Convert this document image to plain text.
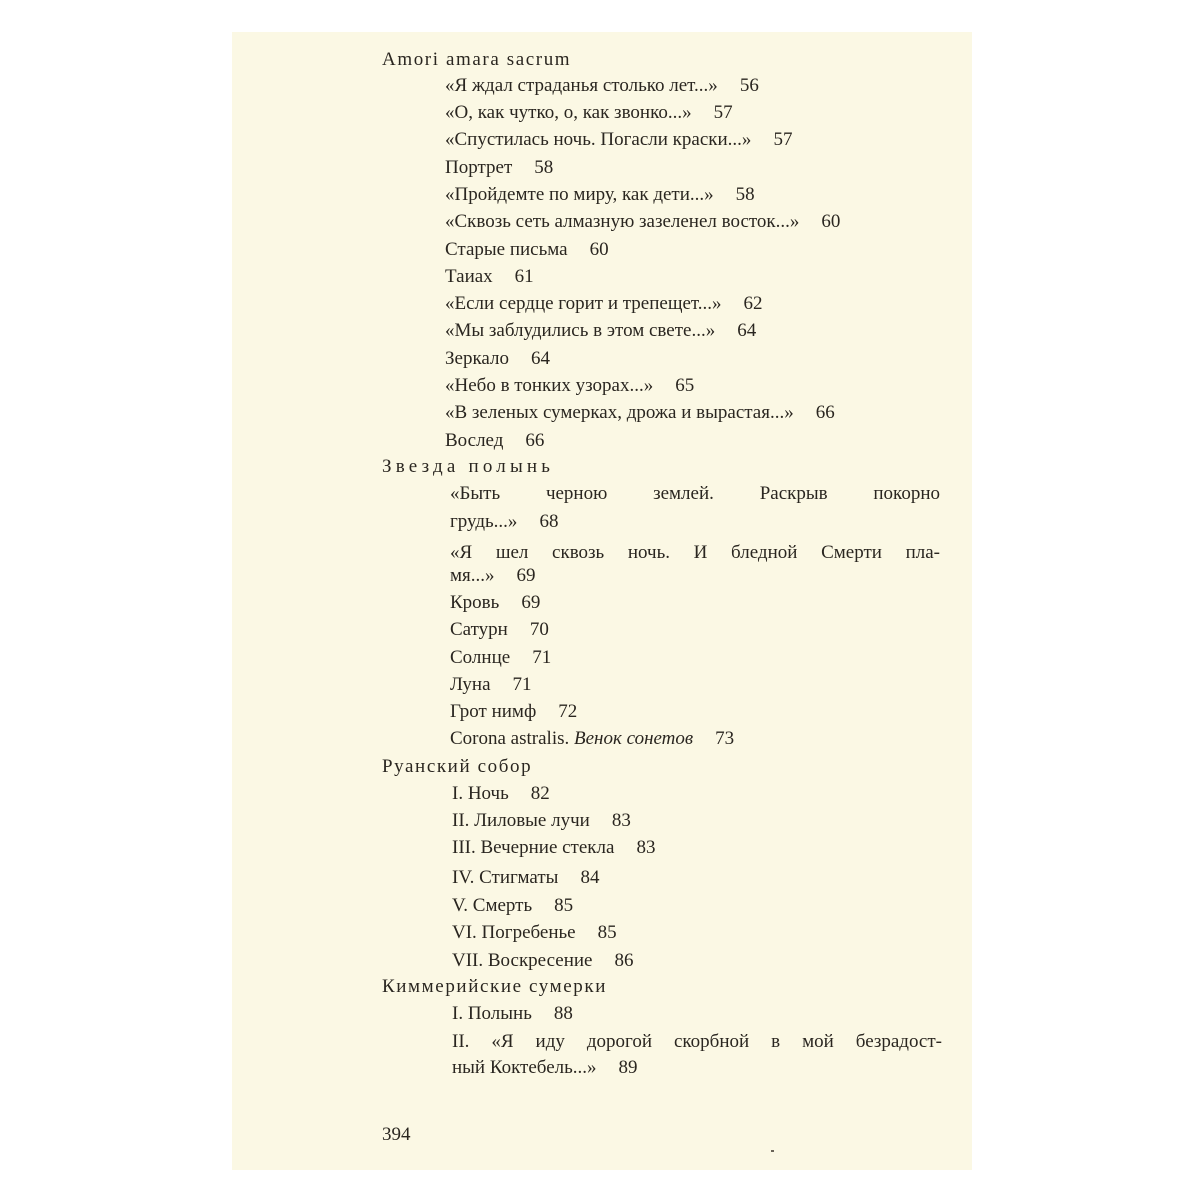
Amori amara sacrum
«Я ждал страданья столько лет...» 56
«О, как чутко, о, как звонко...» 57
«Спустилась ночь. Погасли краски...» 57
Портрет 58
«Пройдемте по миру, как дети...» 58
«Сквозь сеть алмазную зазеленел восток...» 60
Старые письма 60
Таиах 61
«Если сердце горит и трепещет...» 62
«Мы заблудились в этом свете...» 64
Зеркало 64
«Небо в тонких узорах...» 65
«В зеленых сумерках, дрожа и вырастая...» 66
Вослед 66
Звезда полынь
«Быть черною землей. Раскрыв покорно
грудь...» 68
«Я шел сквозь ночь. И бледной Смерти пла-
мя...» 69
Кровь 69
Сатурн 70
Солнце 71
Луна 71
Грот нимф 72
Corona astralis. Венок сонетов 73
Руанский собор
I. Ночь 82
II. Лиловые лучи 83
III. Вечерние стекла 83
IV. Стигматы 84
V. Смерть 85
VI. Погребенье 85
VII. Воскресение 86
Киммерийские сумерки
I. Полынь 88
II. «Я иду дорогой скорбной в мой безрадост-
ный Коктебель...» 89
394
